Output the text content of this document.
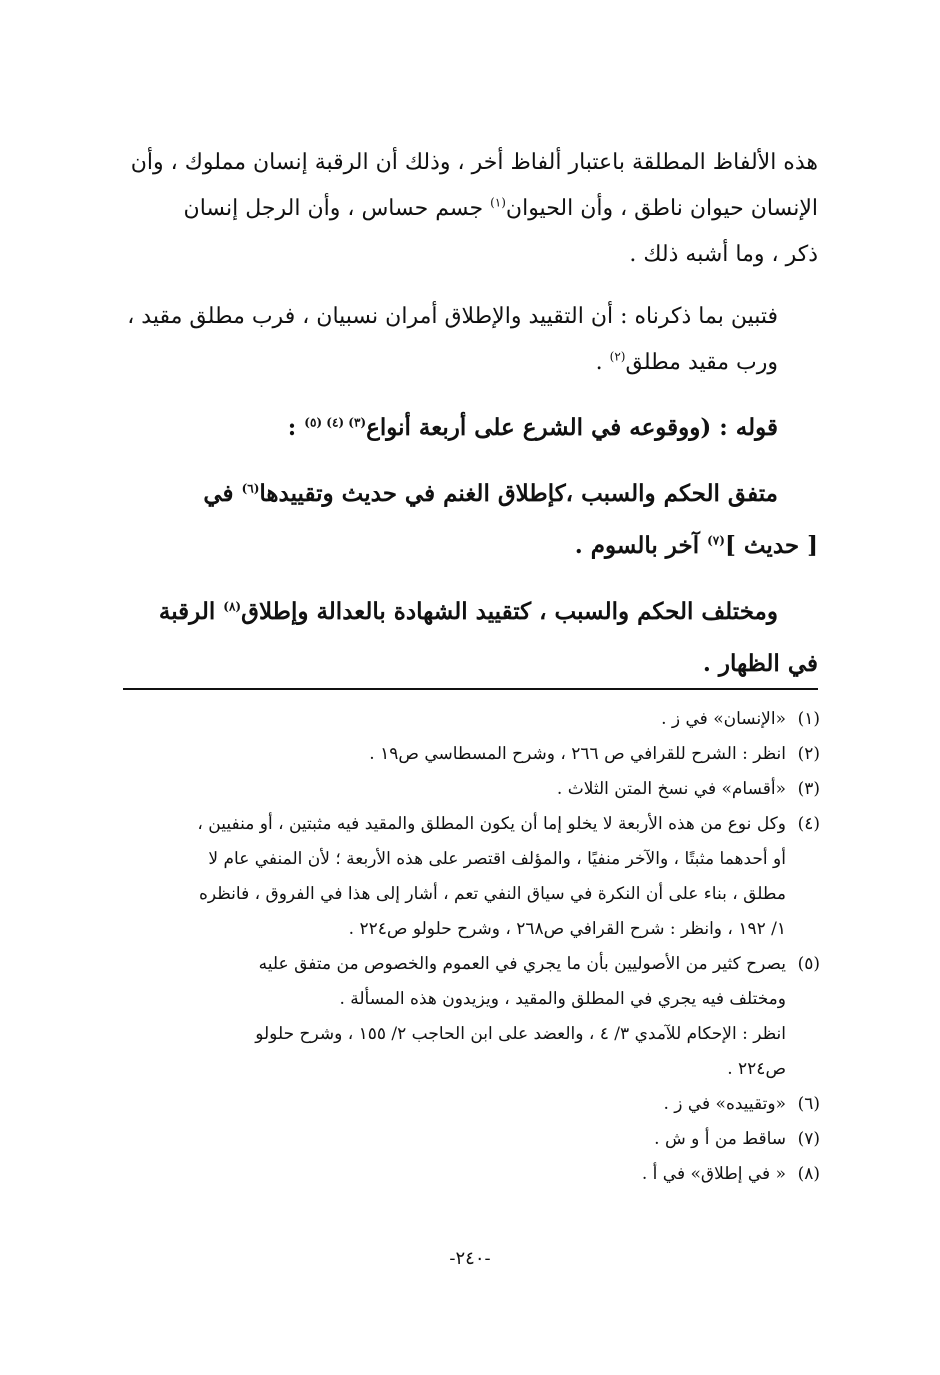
هذه الألفاظ المطلقة باعتبار ألفاظ أخر ، وذلك أن الرقبة إنسان مملوك ، وأن
الإنسان حيوان ناطق ، وأن الحيوان$^{(١)}$ جسم حساس ، وأن الرجل إنسان
ذكر ، وما أشبه ذلك .
فتبين بما ذكرناه : أن التقييد والإطلاق أمران نسبيان ، فرب مطلق مقيد ،
ورب مقيد مطلق$^{(٢)}$ .
قوله : (ووقوعه في الشرع على أربعة أنواع$^{(٣) (٤) (٥)}$ :
متفق الحكم والسبب ،كإطلاق الغنم في حديث وتقييدها$^{(٦)}$ في
[ حديث ]$^{(٧)}$ آخر بالسوم .
ومختلف الحكم والسبب ، كتقييد الشهادة بالعدالة وإطلاق$^{(٨)}$ الرقبة
في الظهار .
(١)
«الإنسان» في ز .
(٢)
انظر : الشرح للقرافي ص ٢٦٦ ، وشرح المسطاسي ص١٩ .
(٣)
«أقسام» في نسخ المتن الثلاث .
(٤)
وكل نوع من هذه الأربعة لا يخلو إما أن يكون المطلق والمقيد فيه مثبتين ، أو منفيين ،
أو أحدهما مثبتًا ، والآخر منفيًا ، والمؤلف اقتصر على هذه الأربعة ؛ لأن المنفي عام لا
مطلق ، بناء على أن النكرة في سياق النفي تعم ، أشار إلى هذا في الفروق ، فانظره
١/ ١٩٢ ، وانظر : شرح القرافي ص٢٦٨ ، وشرح حلولو ص٢٢٤ .
(٥)
يصرح كثير من الأصوليين بأن ما يجري في العموم والخصوص من متفق عليه
ومختلف فيه يجري في المطلق والمقيد ، ويزيدون هذه المسألة .
انظر : الإحكام للآمدي ٣/ ٤ ، والعضد على ابن الحاجب ٢/ ١٥٥ ، وشرح حلولو
ص٢٢٤ .
(٦)
«وتقييده» في ز .
(٧)
ساقط من أ و ش .
(٨)
« في إطلاق» في أ .
-٢٤٠-
